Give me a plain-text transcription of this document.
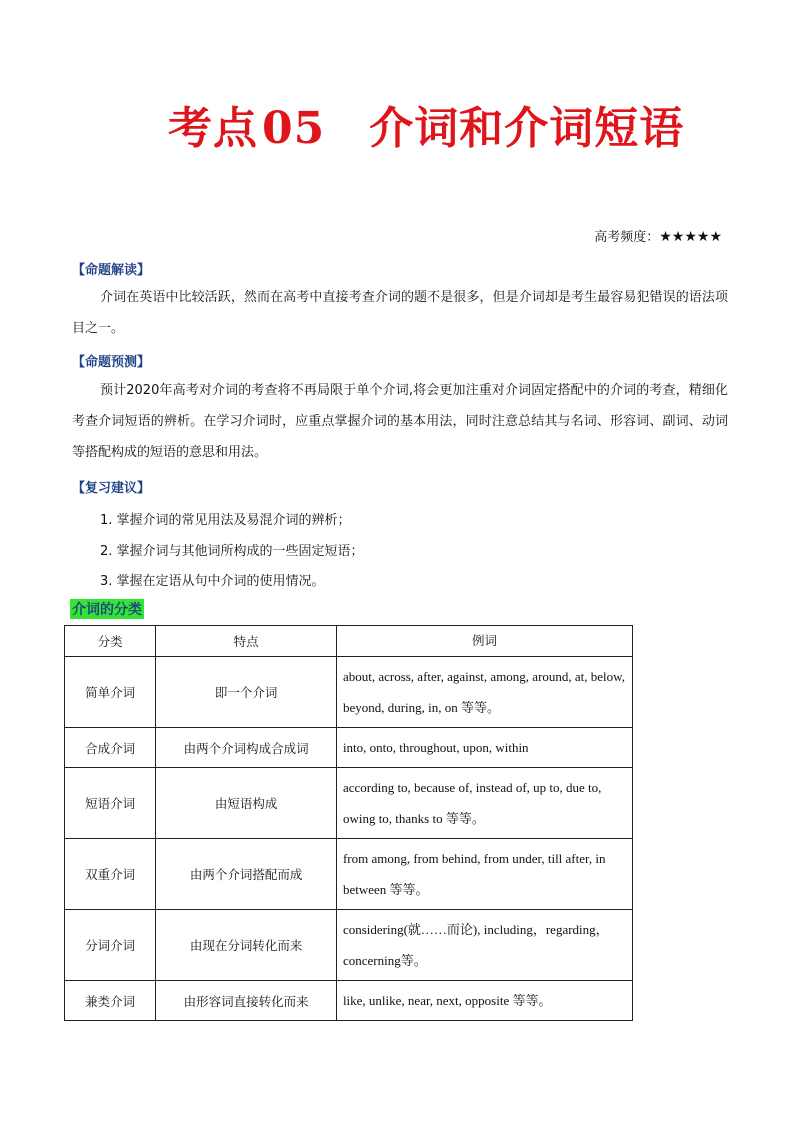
考点05 介词和介词短语
高考频度：★★★★★
【命题解读】
介词在英语中比较活跃，然而在高考中直接考查介词的题不是很多，但是介词却是考生最容易犯错误的语法项目之一。
【命题预测】
预计2020年高考对介词的考查将不再局限于单个介词,将会更加注重对介词固定搭配中的介词的考查，精细化考查介词短语的辨析。在学习介词时，应重点掌握介词的基本用法，同时注意总结其与名词、形容词、副词、动词等搭配构成的短语的意思和用法。
【复习建议】
1. 掌握介词的常见用法及易混介词的辨析；
2. 掌握介词与其他词所构成的一些固定短语；
3. 掌握在定语从句中介词的使用情况。
介词的分类
分类	特点	例词
简单介词	即一个介词	about, across, after, against, among, around, at, below, beyond, during, in, on 等等。
合成介词	由两个介词构成合成词	into, onto, throughout, upon, within
短语介词	由短语构成	according to, because of, instead of, up to, due to, owing to, thanks to 等等。
双重介词	由两个介词搭配而成	from among, from behind, from under, till after, in between 等等。
分词介词	由现在分词转化而来	considering(就……而论), including，regarding，concerning等。
兼类介词	由形容词直接转化而来	like, unlike, near, next, opposite 等等。
